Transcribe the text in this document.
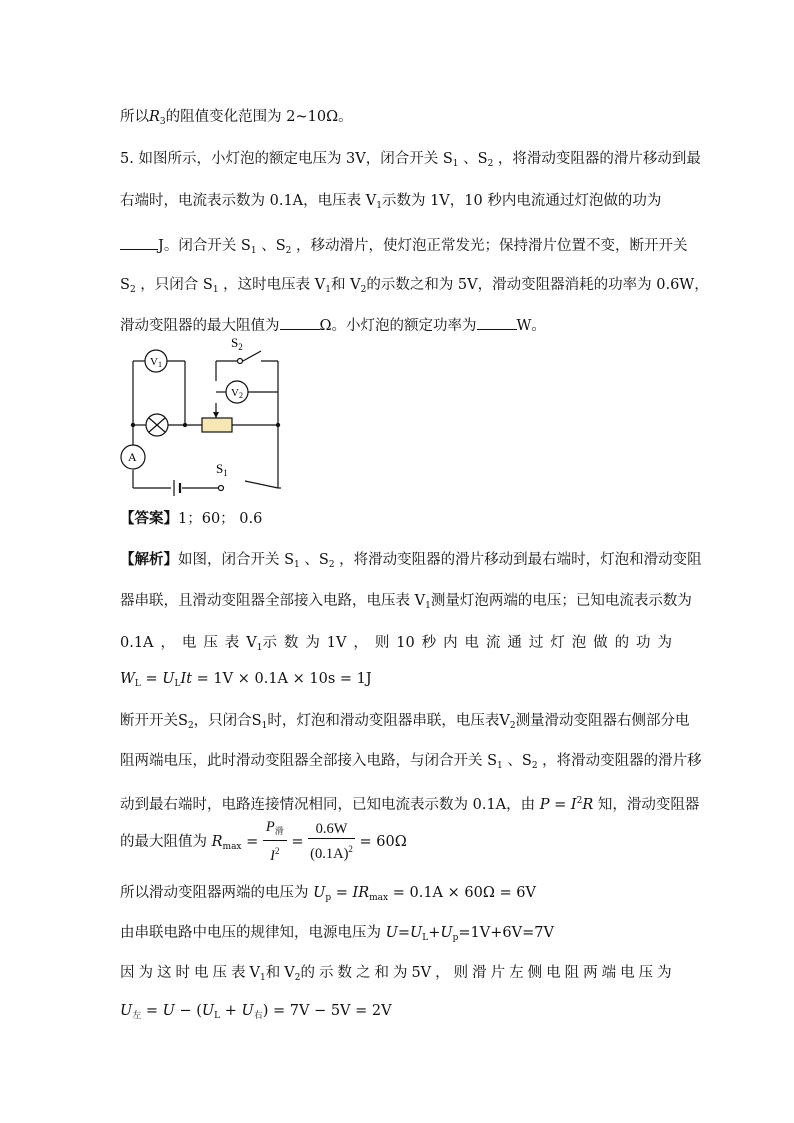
所以$R_3$的阻值变化范围为 2~10Ω。
5. 如图所示，小灯泡的额定电压为 3V，闭合开关 $S_1$ 、$S_2$ ，将滑动变阻器的滑片移动到最
右端时，电流表示数为 0.1A，电压表 $V_1$示数为 1V，10 秒内电流通过灯泡做的功为
J。闭合开关 $S_1$ 、$S_2$ ，移动滑片，使灯泡正常发光；保持滑片位置不变，断开开关
$S_2$ ，只闭合 $S_1$ ，这时电压表 $V_1$和 $V_2$的示数之和为 5V，滑动变阻器消耗的功率为 0.6W，
滑动变阻器的最大阻值为	Ω。小灯泡的额定功率为	W。
$S_2$
V1
V2
A
$S_1$
【答案】1；60； 0.6
【解析】如图，闭合开关 $S_1$ 、$S_2$ ，将滑动变阻器的滑片移动到最右端时，灯泡和滑动变阻
器串联，且滑动变阻器全部接入电路，电压表 $V_1$测量灯泡两端的电压；已知电流表示数为
0.1A ， 电 压 表 $V_1$示 数 为 1V ， 则 10 秒 内 电 流 通 过 灯 泡 做 的 功 为
$W_L = U_LIt = 1V \times 0.1A \times 10s = 1J$
断开开关$S_2$，只闭合$S_1$时，灯泡和滑动变阻器串联，电压表$V_2$测量滑动变阻器右侧部分电
阻两端电压，此时滑动变阻器全部接入电路，与闭合开关 $S_1$ 、$S_2$ ，将滑动变阻器的滑片移
动到最右端时，电路连接情况相同，已知电流表示数为 0.1A，由 $P = I^2R$ 知，滑动变阻器
的最大阻值为 $R_{max} = \frac{P_滑}{I^2} = \frac{0.6W}{(0.1A)^2} = 60\Omega$
所以滑动变阻器两端的电压为 $U_p = IR_{max} = 0.1A \times 60\Omega = 6V$
由串联电路中电压的规律知，电源电压为 $U=U_L+U_p=1V+6V=7V$
因 为 这 时 电 压 表 $V_1$和 $V_2$的 示 数 之 和 为 5V ， 则 滑 片 左 侧 电 阻 两 端 电 压 为
$U_左 = U - (U_L + U_右) = 7V - 5V = 2V$
